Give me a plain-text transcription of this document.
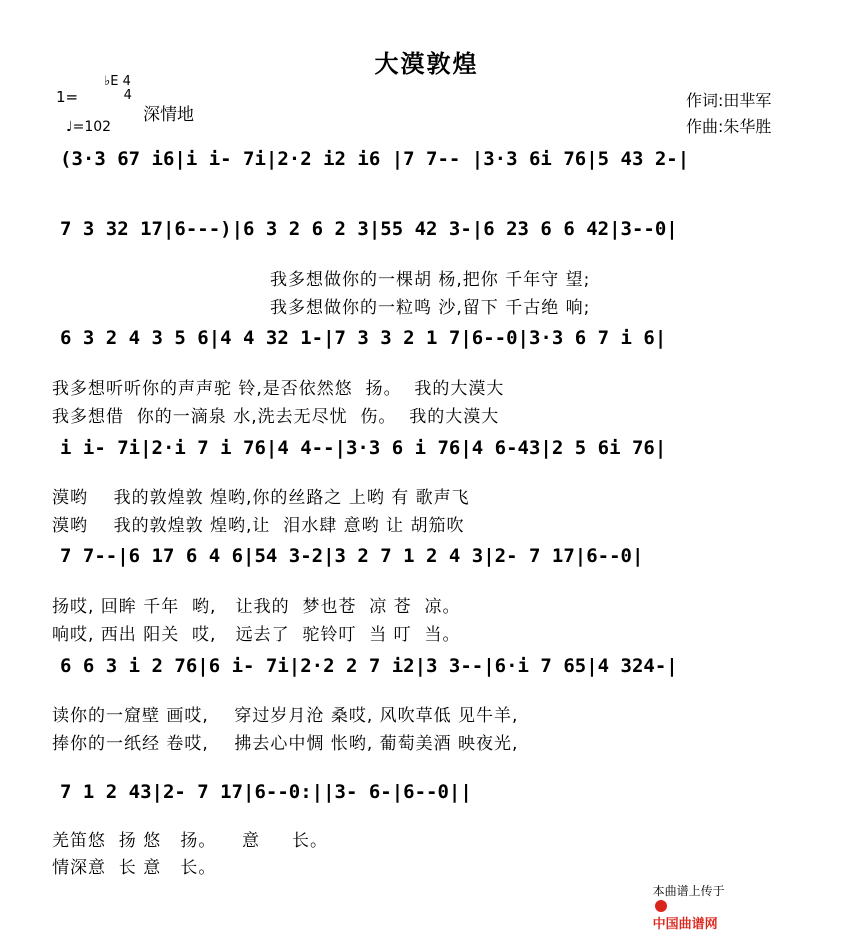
大漠敦煌
1=
♭E 4
4
♩=102
深情地
作词:田芈军
作曲:朱华胜
(3·3 67 i6|i i- 7i|2·2 i2 i6 |7 7-- |3·3 6i 76|5 43 2-|
7 3 32 17|6---)|6 3 2 6 2 3|55 42 3-|6 23 6 6 42|3--0|
我多想做你的一棵胡 杨,把你 千年守 望;
我多想做你的一粒鸣 沙,留下 千古绝 响;
6 3 2 4 3 5 6|4 4 32 1-|7 3 3 2 1 7|6--0|3·3 6 7 i 6|
我多想听听你的声声驼 铃,是否依然悠  扬。  我的大漠大
我多想借  你的一滴泉 水,洗去无尽忧  伤。  我的大漠大
i i- 7i|2·i 7 i 76|4 4--|3·3 6 i 76|4 6-43|2 5 6i 76|
漠哟    我的敦煌敦 煌哟,你的丝路之 上哟 有 歌声飞
漠哟    我的敦煌敦 煌哟,让  泪水肆 意哟 让 胡笳吹
7 7--|6 17 6 4 6|54 3-2|3 2 7 1 2 4 3|2- 7 17|6--0|
扬哎, 回眸 千年  哟,   让我的  梦也苍  凉 苍  凉。
响哎, 西出 阳关  哎,   远去了  驼铃叮  当 叮  当。
6 6 3 i 2 76|6 i- 7i|2·2 2 7 i2|3 3--|6·i 7 65|4 324-|
读你的一窟壁 画哎,    穿过岁月沧 桑哎, 风吹草低 见牛羊,
捧你的一纸经 卷哎,    拂去心中惆 怅哟, 葡萄美酒 映夜光,
7 1 2 43|2- 7 17|6--0:||3- 6-|6--0||
羌笛悠  扬 悠   扬。    意     长。
情深意  长 意   长。

本曲谱上传于

中国曲谱网
